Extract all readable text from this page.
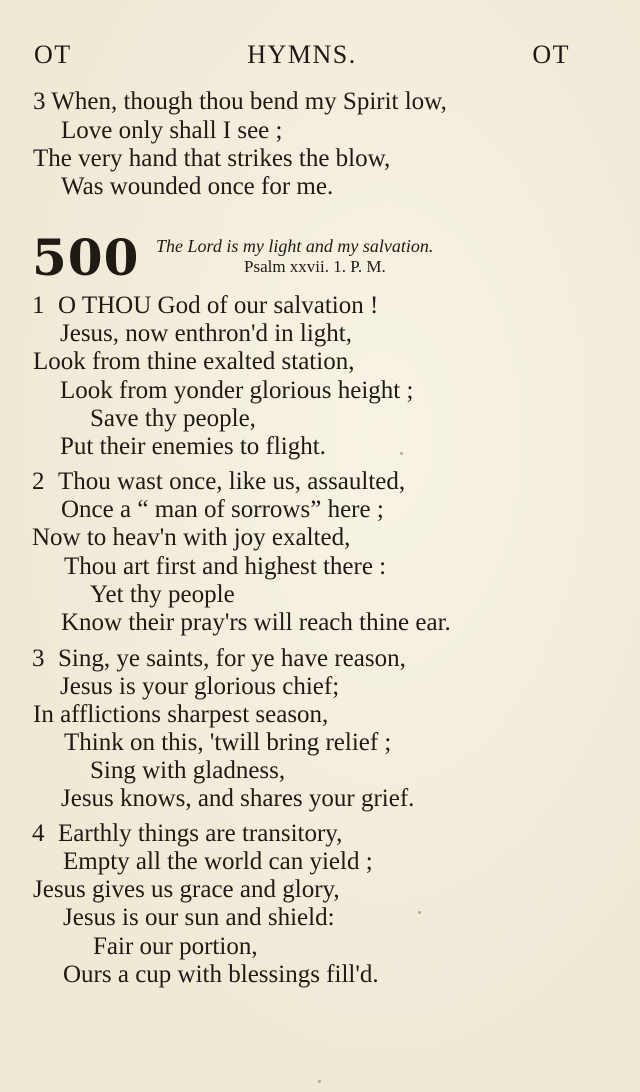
OT	HYMNS.	OT
3 When, though thou bend my Spirit low,
Love only shall I see ;
The very hand that strikes the blow,
Was wounded once for me.
500 The Lord is my light and my salvation.
Psalm xxvii. 1. P. M.
1 O THOU God of our salvation !
Jesus, now enthron'd in light,
Look from thine exalted station,
Look from yonder glorious height ;
Save thy people,
Put their enemies to flight.
2 Thou wast once, like us, assaulted,
Once a “ man of sorrows” here ;
Now to heav'n with joy exalted,
Thou art first and highest there :
Yet thy people
Know their pray'rs will reach thine ear.
3 Sing, ye saints, for ye have reason,
Jesus is your glorious chief;
In afflictions sharpest season,
Think on this, 'twill bring relief ;
Sing with gladness,
Jesus knows, and shares your grief.
4 Earthly things are transitory,
Empty all the world can yield ;
Jesus gives us grace and glory,
Jesus is our sun and shield:
Fair our portion,
Ours a cup with blessings fill'd.
